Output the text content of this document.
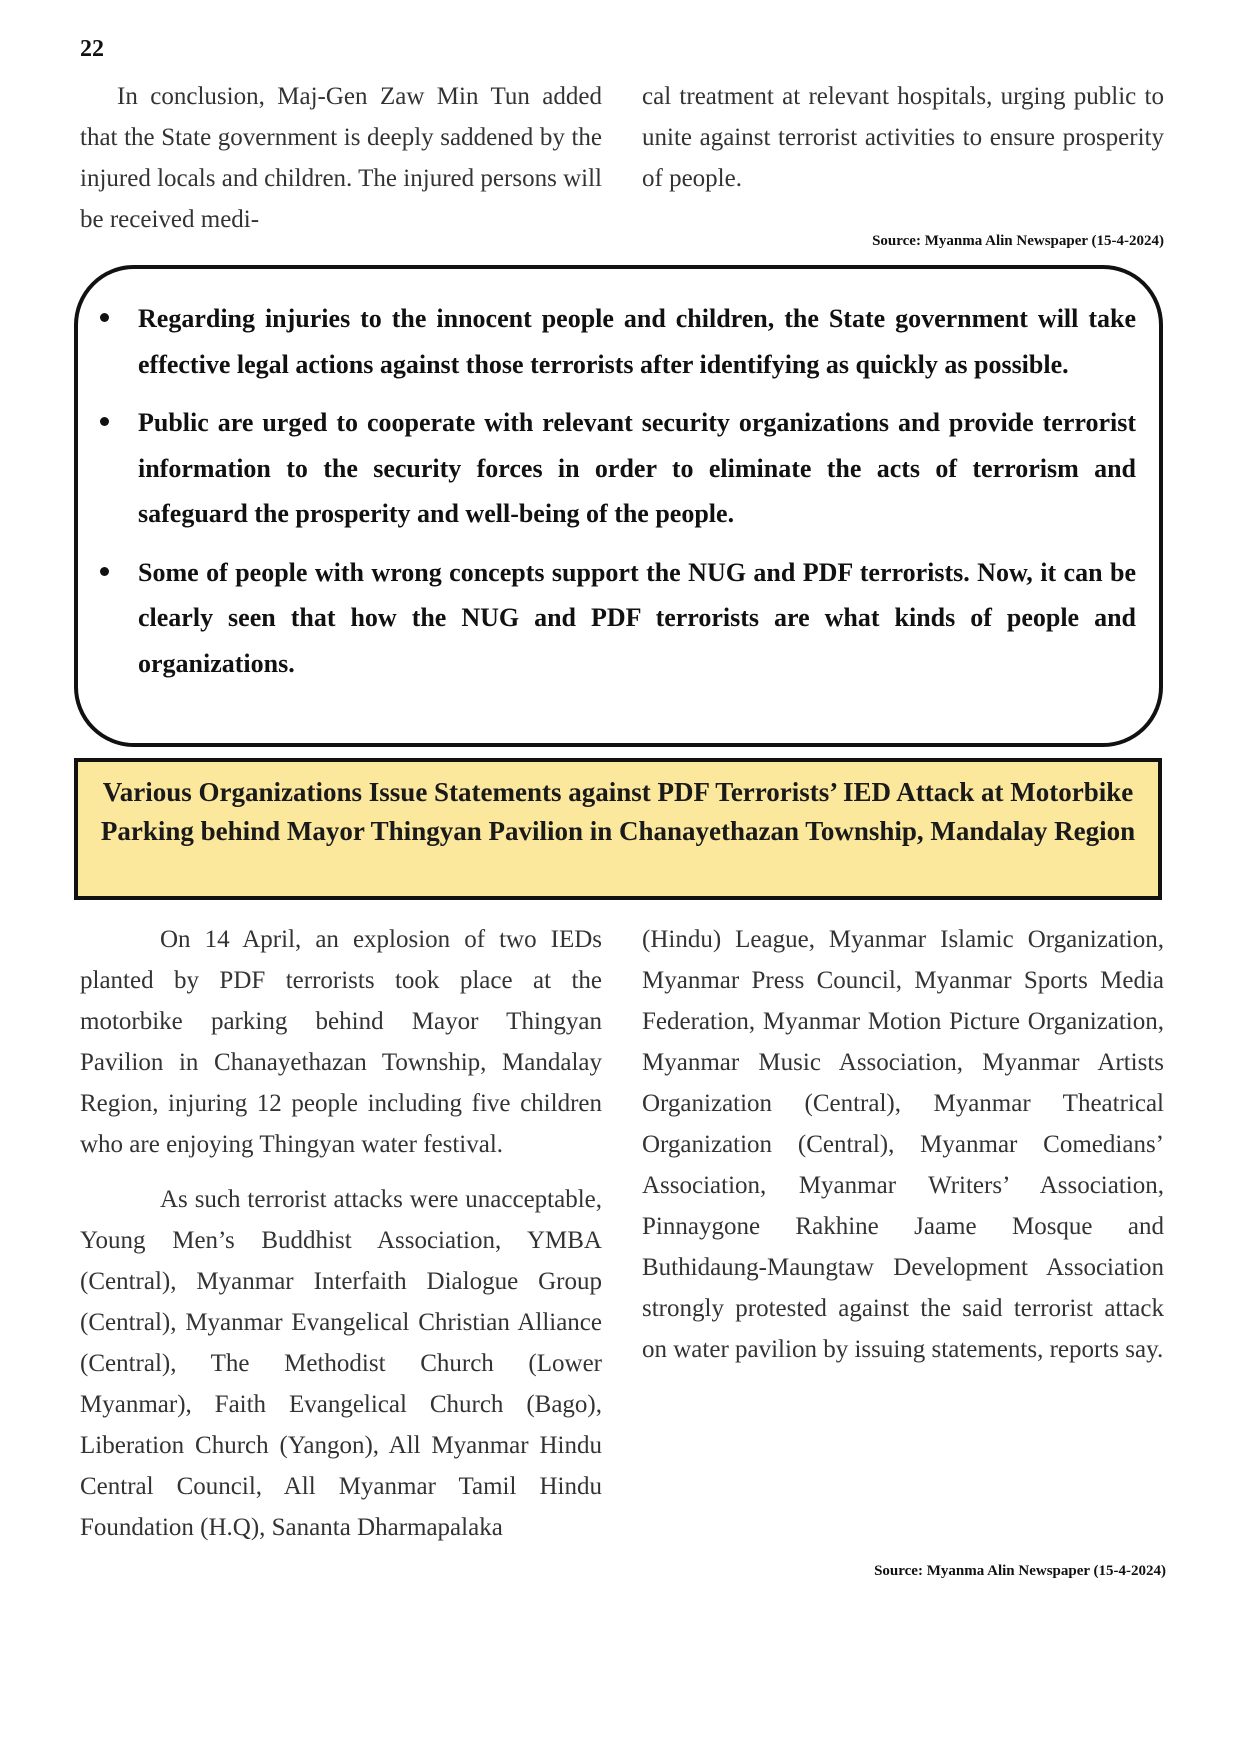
22

In conclusion, Maj-Gen Zaw Min Tun added that the State government is deeply saddened by the injured locals and children. The injured persons will be received medi-

cal treatment at relevant hospitals, urging public to unite against terrorist activities to ensure prosperity of people.

Source: Myanma Alin Newspaper (15-4-2024)
Regarding injuries to the innocent people and children, the State government will take effective legal actions against those terrorists after identifying as quickly as possible.
Public are urged to cooperate with relevant security organizations and provide terrorist information to the security forces in order to eliminate the acts of terrorism and safeguard the prosperity and well-being of the people.
Some of people with wrong concepts support the NUG and PDF terrorists. Now, it can be clearly seen that how the NUG and PDF terrorists are what kinds of people and organizations.
Various Organizations Issue Statements against PDF Terrorists’ IED Attack at Motorbike Parking behind Mayor Thingyan Pavilion in Chanayethazan Township, Mandalay Region

On 14 April, an explosion of two IEDs planted by PDF terrorists took place at the motorbike parking behind Mayor Thingyan Pavilion in Chanayethazan Township, Mandalay Region, injuring 12 people including five children who are enjoying Thingyan water festival.

As such terrorist attacks were unacceptable, Young Men’s Buddhist Association, YMBA (Central), Myanmar Interfaith Dialogue Group (Central), Myanmar Evangelical Christian Alliance (Central), The Methodist Church (Lower Myanmar), Faith Evangelical Church (Bago), Liberation Church (Yangon), All Myanmar Hindu Central Council, All Myanmar Tamil Hindu Foundation (H.Q), Sananta Dharmapalaka

(Hindu) League, Myanmar Islamic Organization, Myanmar Press Council, Myanmar Sports Media Federation, Myanmar Motion Picture Organization, Myanmar Music Association, Myanmar Artists Organization (Central), Myanmar Theatrical Organization (Central), Myanmar Comedians’ Association, Myanmar Writers’ Association, Pinnaygone Rakhine Jaame Mosque and Buthidaung-Maungtaw Development Association strongly protested against the said terrorist attack on water pavilion by issuing statements, reports say.

Source: Myanma Alin Newspaper (15-4-2024)
